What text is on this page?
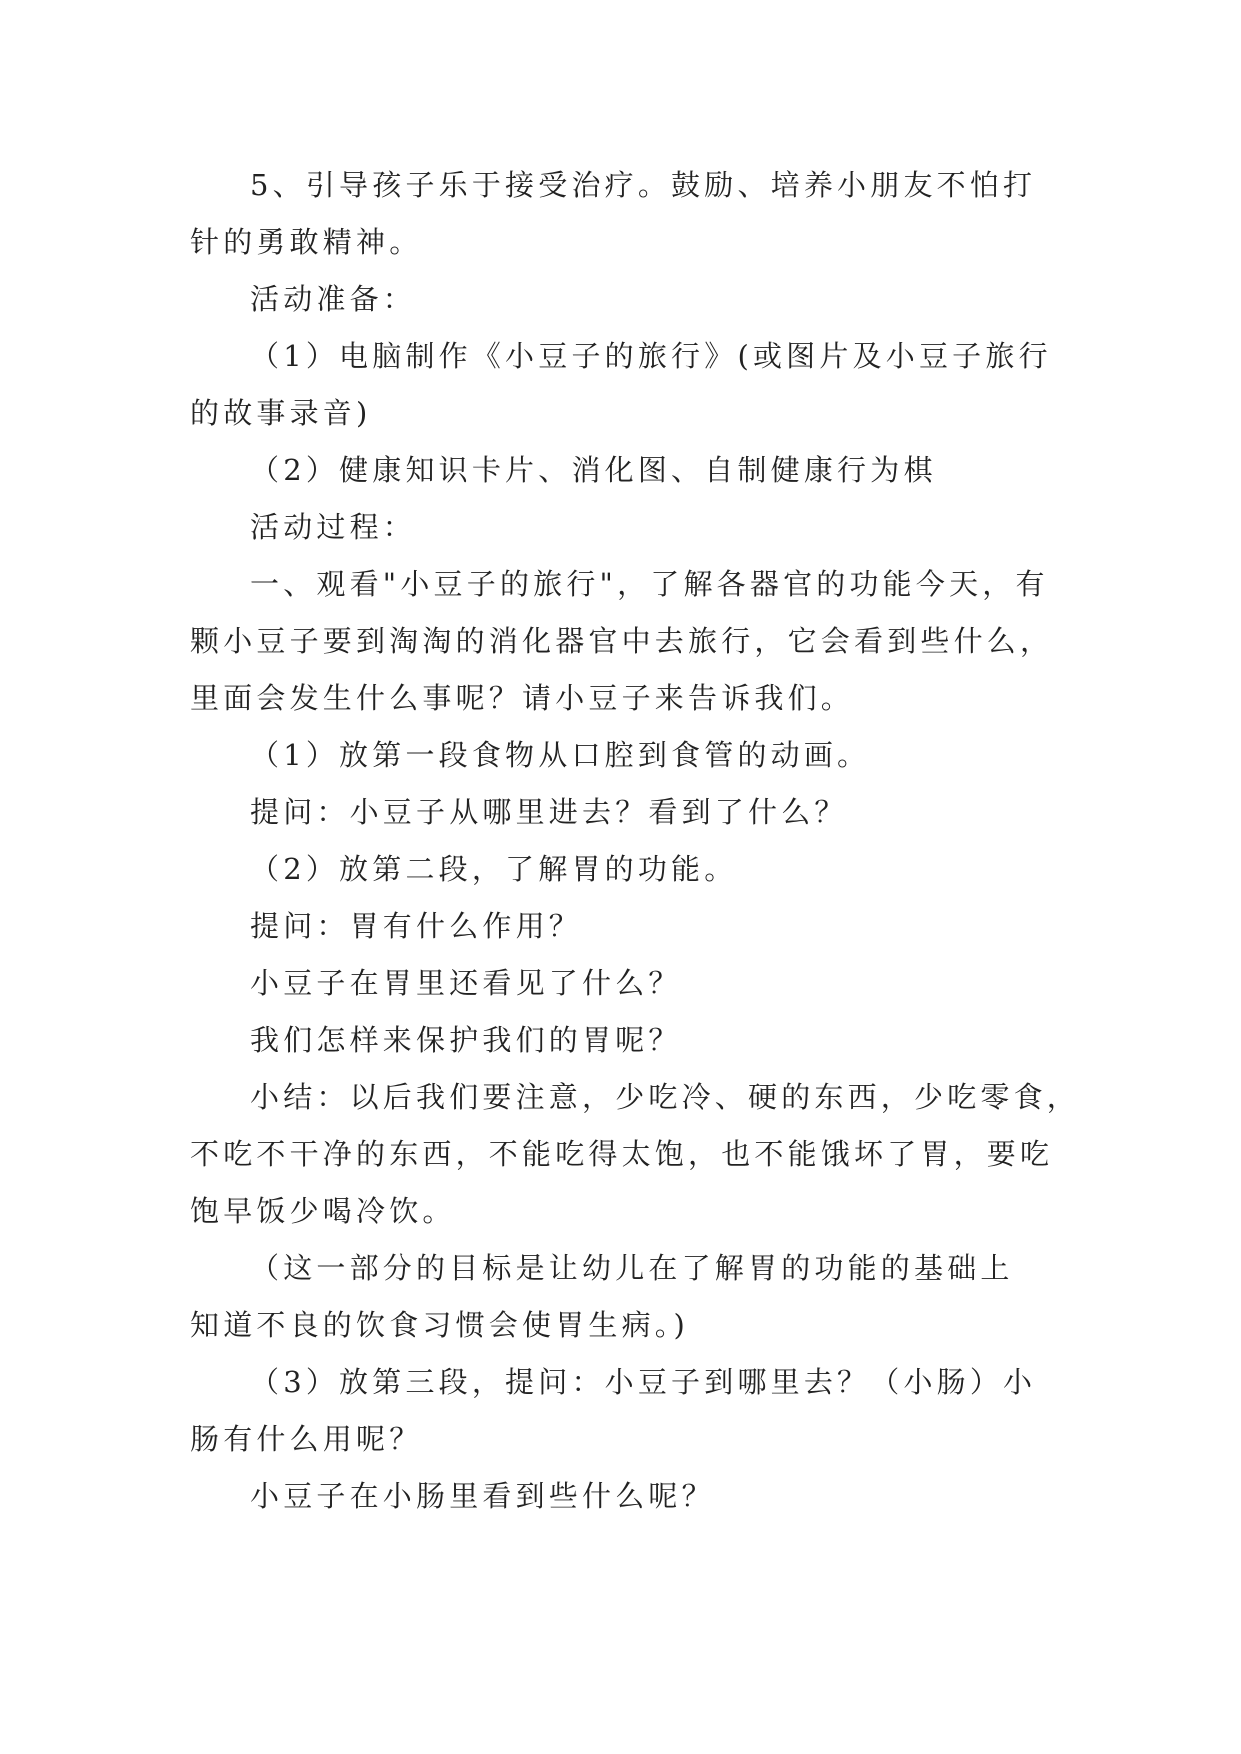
5、引导孩子乐于接受治疗。鼓励、培养小朋友不怕打
针的勇敢精神。
活动准备：
（1）电脑制作《小豆子的旅行》(或图片及小豆子旅行
的故事录音)
（2）健康知识卡片、消化图、自制健康行为棋
活动过程：
一、观看"小豆子的旅行"，了解各器官的功能今天，有
颗小豆子要到淘淘的消化器官中去旅行，它会看到些什么，
里面会发生什么事呢？请小豆子来告诉我们。
（1）放第一段食物从口腔到食管的动画。
提问：小豆子从哪里进去？看到了什么？
（2）放第二段，了解胃的功能。
提问：胃有什么作用？
小豆子在胃里还看见了什么？
我们怎样来保护我们的胃呢？
小结：以后我们要注意，少吃冷、硬的东西，少吃零食，
不吃不干净的东西，不能吃得太饱，也不能饿坏了胃，要吃
饱早饭少喝冷饮。
（这一部分的目标是让幼儿在了解胃的功能的基础上
知道不良的饮食习惯会使胃生病。)
（3）放第三段，提问：小豆子到哪里去？（小肠）小
肠有什么用呢？
小豆子在小肠里看到些什么呢？
